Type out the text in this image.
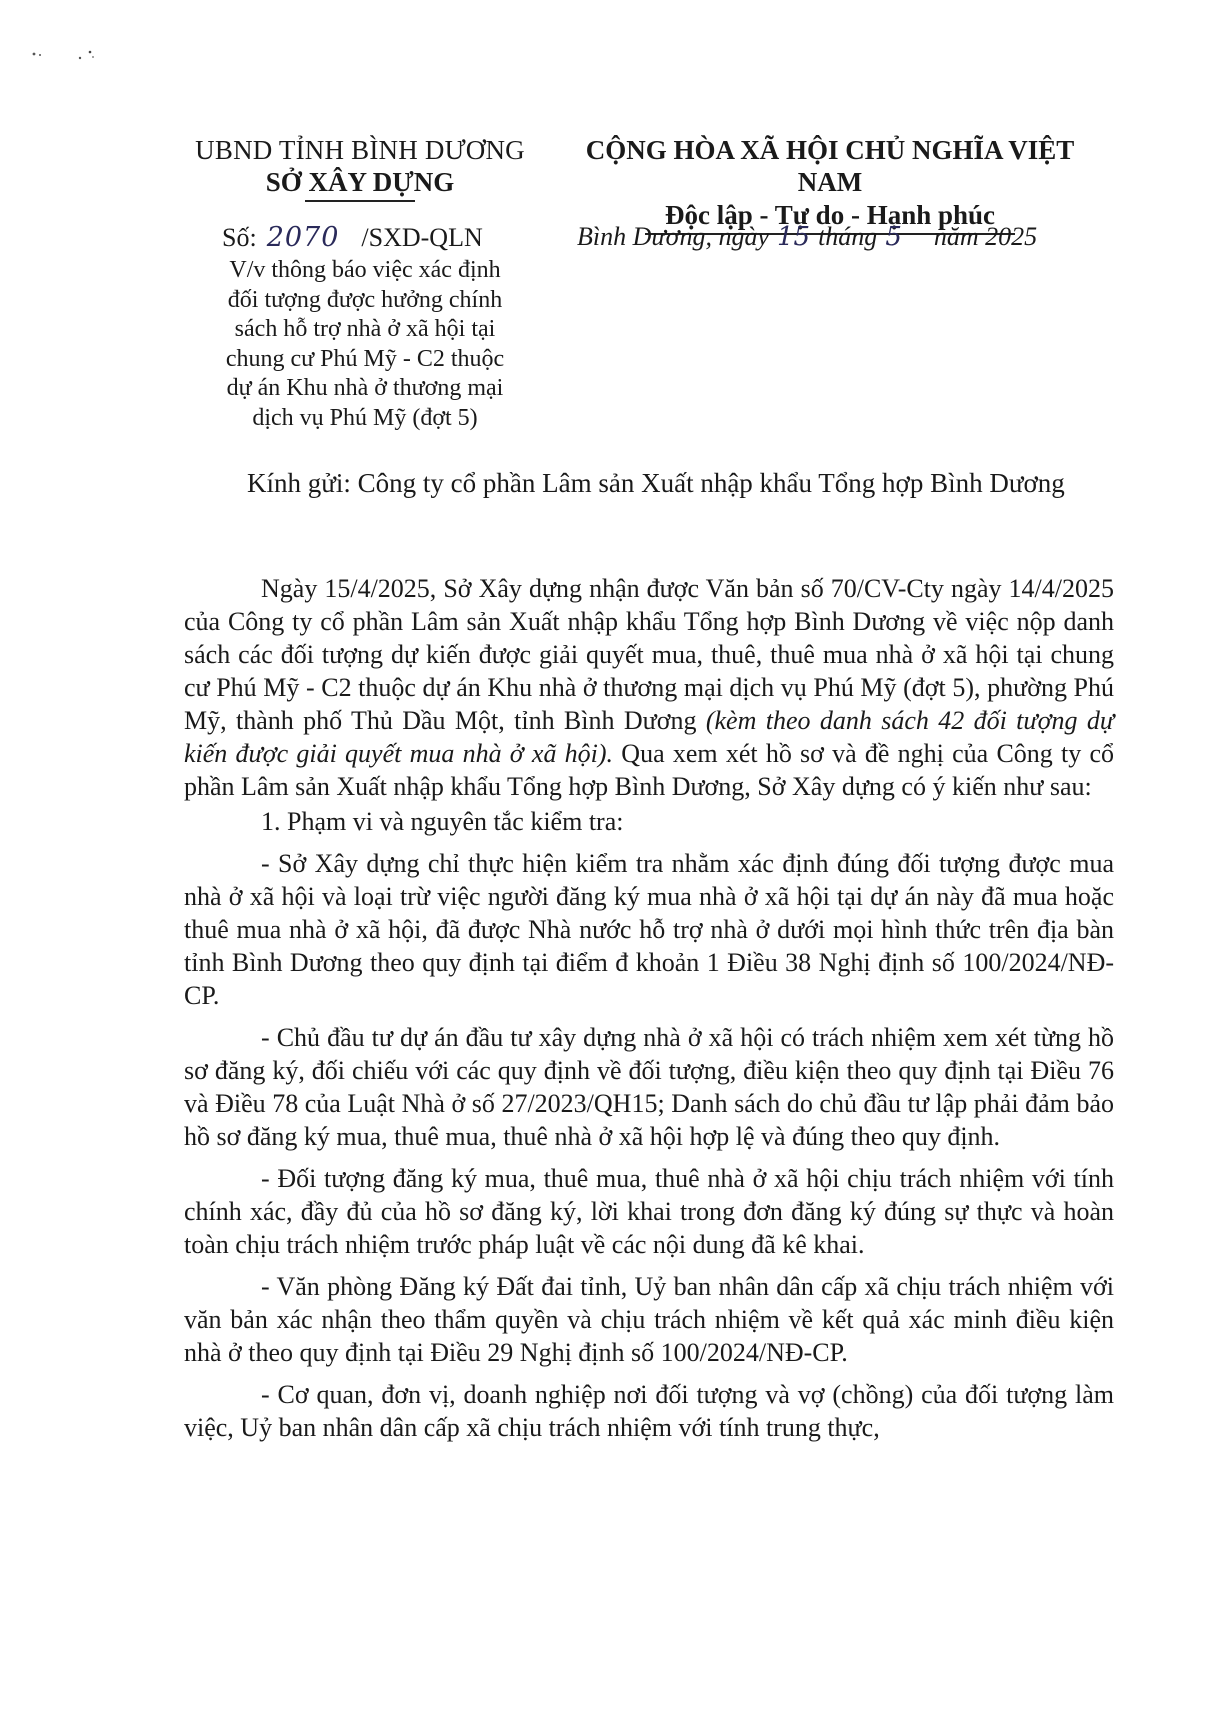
UBND TỈNH BÌNH DƯƠNG
SỞ XÂY DỰNG
CỘNG HÒA XÃ HỘI CHỦ NGHĨA VIỆT NAM
Độc lập - Tự do - Hạnh phúc
Số: 2070 /SXD-QLN	Bình Dương, ngày 15 tháng 5 năm 2025
V/v thông báo việc xác định
đối tượng được hưởng chính
sách hỗ trợ nhà ở xã hội tại
chung cư Phú Mỹ - C2 thuộc
dự án Khu nhà ở thương mại
dịch vụ Phú Mỹ (đợt 5)
Kính gửi: Công ty cổ phần Lâm sản Xuất nhập khẩu Tổng hợp Bình Dương

Ngày 15/4/2025, Sở Xây dựng nhận được Văn bản số 70/CV-Cty ngày 14/4/2025 của Công ty cổ phần Lâm sản Xuất nhập khẩu Tổng hợp Bình Dương về việc nộp danh sách các đối tượng dự kiến được giải quyết mua, thuê, thuê mua nhà ở xã hội tại chung cư Phú Mỹ - C2 thuộc dự án Khu nhà ở thương mại dịch vụ Phú Mỹ (đợt 5), phường Phú Mỹ, thành phố Thủ Dầu Một, tỉnh Bình Dương (kèm theo danh sách 42 đối tượng dự kiến được giải quyết mua nhà ở xã hội). Qua xem xét hồ sơ và đề nghị của Công ty cổ phần Lâm sản Xuất nhập khẩu Tổng hợp Bình Dương, Sở Xây dựng có ý kiến như sau:

1. Phạm vi và nguyên tắc kiểm tra:

- Sở Xây dựng chỉ thực hiện kiểm tra nhằm xác định đúng đối tượng được mua nhà ở xã hội và loại trừ việc người đăng ký mua nhà ở xã hội tại dự án này đã mua hoặc thuê mua nhà ở xã hội, đã được Nhà nước hỗ trợ nhà ở dưới mọi hình thức trên địa bàn tỉnh Bình Dương theo quy định tại điểm đ khoản 1 Điều 38 Nghị định số 100/2024/NĐ-CP.

- Chủ đầu tư dự án đầu tư xây dựng nhà ở xã hội có trách nhiệm xem xét từng hồ sơ đăng ký, đối chiếu với các quy định về đối tượng, điều kiện theo quy định tại Điều 76 và Điều 78 của Luật Nhà ở số 27/2023/QH15; Danh sách do chủ đầu tư lập phải đảm bảo hồ sơ đăng ký mua, thuê mua, thuê nhà ở xã hội hợp lệ và đúng theo quy định.

- Đối tượng đăng ký mua, thuê mua, thuê nhà ở xã hội chịu trách nhiệm với tính chính xác, đầy đủ của hồ sơ đăng ký, lời khai trong đơn đăng ký đúng sự thực và hoàn toàn chịu trách nhiệm trước pháp luật về các nội dung đã kê khai.

- Văn phòng Đăng ký Đất đai tỉnh, Uỷ ban nhân dân cấp xã chịu trách nhiệm với văn bản xác nhận theo thẩm quyền và chịu trách nhiệm về kết quả xác minh điều kiện nhà ở theo quy định tại Điều 29 Nghị định số 100/2024/NĐ-CP.

- Cơ quan, đơn vị, doanh nghiệp nơi đối tượng và vợ (chồng) của đối tượng làm việc, Uỷ ban nhân dân cấp xã chịu trách nhiệm với tính trung thực,
